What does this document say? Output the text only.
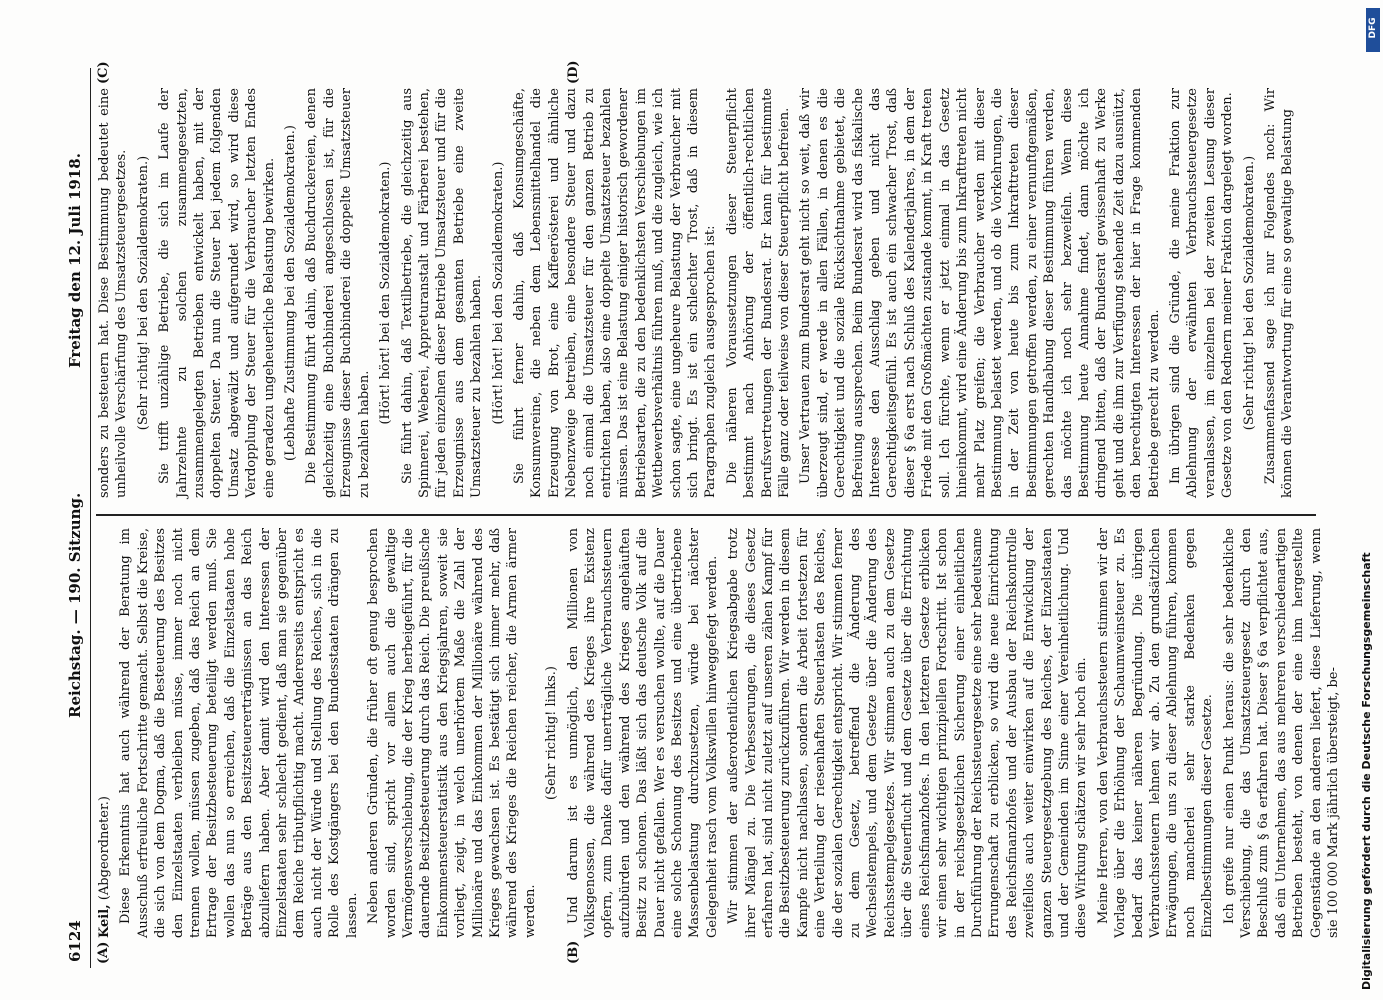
6124
Reichstag. — 190. Sitzung.
Freitag den 12. Juli 1918.
(A)	(B)
(C)	(D)

Keil, (Abgeordneter.) Diese Erkenntnis hat auch während der Beratung im Ausschuß erfreuliche Fortschritte gemacht. Selbst die Kreise, die sich von dem Dogma, daß die Besteuerung des Besitzes den Einzelstaaten verbleiben müsse, immer noch nicht trennen wollen, müssen zugeben, daß das Reich an dem Ertrage der Besitzbesteuerung beteiligt werden muß. Sie wollen das nun so erreichen, daß die Einzelstaaten hohe Beträge aus den Besitzsteuererträgnissen an das Reich abzuliefern haben. Aber damit wird den Interessen der Einzelstaaten sehr schlecht gedient, daß man sie gegenüber dem Reiche tributpflichtig macht. Andererseits entspricht es auch nicht der Würde und Stellung des Reiches, sich in die Rolle des Kostgängers bei den Bundesstaaten drängen zu lassen. Neben anderen Gründen, die früher oft genug besprochen worden sind, spricht vor allem auch die gewaltige Vermögensverschiebung, die der Krieg herbeigeführt, für die dauernde Besitzbesteuerung durch das Reich. Die preußische Einkommensteuerstatistik aus den Kriegsjahren, soweit sie vorliegt, zeigt, in welch unerhörtem Maße die Zahl der Millionäre und das Einkommen der Millionäre während des Krieges gewachsen ist. Es bestätigt sich immer mehr, daß während des Krieges die Reichen reicher, die Armen ärmer werden.

(Sehr richtig! links.) Und darum ist es unmöglich, den Millionen von Volksgenossen, die während des Krieges ihre Existenz opfern, zum Danke dafür unerträgliche Verbrauchssteuern aufzubürden und den während des Krieges angehäuften Besitz zu schonen. Das läßt sich das deutsche Volk auf die Dauer nicht gefallen. Wer es versuchen wollte, auf die Dauer eine solche Schonung des Besitzes und eine übertriebene Massenbelastung durchzusetzen, würde bei nächster Gelegenheit rasch vom Volkswillen hinweggefegt werden. Wir stimmen der außerordentlichen Kriegsabgabe trotz ihrer Mängel zu. Die Verbesserungen, die dieses Gesetz erfahren hat, sind nicht zuletzt auf unseren zähen Kampf für die Besitzbesteuerung zurückzuführen. Wir werden in diesem Kampfe nicht nachlassen, sondern die Arbeit fortsetzen für eine Verteilung der riesenhaften Steuerlasten des Reiches, die der sozialen Gerechtigkeit entspricht. Wir stimmen ferner zu dem Gesetz, betreffend die Änderung des Wechselstempels, und dem Gesetze über die Änderung des Reichsstempelgesetzes. Wir stimmen auch zu dem Gesetze über die Steuerflucht und dem Gesetze über die Errichtung eines Reichsfinanzhofes. In den letzteren Gesetze erblicken wir einen sehr wichtigen prinzipiellen Fortschritt. Ist schon in der reichsgesetzlichen Sicherung einer einheitlichen Durchführung der Reichssteuergesetze eine sehr bedeutsame Errungenschaft zu erblicken, so wird die neue Einrichtung des Reichsfinanzhofes und der Ausbau der Reichskontrolle zweifellos auch weiter einwirken auf die Entwicklung der ganzen Steuergesetzgebung des Reiches, der Einzelstaaten und der Gemeinden im Sinne einer Vereinheitlichung. Und diese Wirkung schätzen wir sehr hoch ein. Meine Herren, von den Verbrauchssteuern stimmen wir der Vorlage über die Erhöhung der Schaumweinsteuer zu. Es bedarf das keiner näheren Begründung. Die übrigen Verbrauchssteuern lehnen wir ab. Zu den grundsätzlichen Erwägungen, die uns zu dieser Ablehnung führen, kommen noch mancherlei sehr starke Bedenken gegen Einzelbestimmungen dieser Gesetze. Ich greife nur einen Punkt heraus: die sehr bedenkliche Verschiebung, die das Umsatzsteuergesetz durch den Beschluß zum § 6a erfahren hat. Dieser § 6a verpflichtet aus, daß ein Unternehmen, das aus mehreren verschiedenartigen Betrieben besteht, von denen der eine ihm hergestellte Gegenstände an den anderen liefert, diese Lieferung, wenn sie 100 000 Mark jährlich übersteigt, be-

sonders zu besteuern hat. Diese Bestimmung bedeutet eine unheilvolle Verschärfung des Umsatzsteuergesetzes. (Sehr richtig! bei den Sozialdemokraten.) Sie trifft unzählige Betriebe, die sich im Laufe der Jahrzehnte zu solchen zusammengesetzten, zusammengelegten Betrieben entwickelt haben, mit der doppelten Steuer. Da nun die Steuer bei jedem folgenden Umsatz abgewälzt und aufgerundet wird, so wird diese Verdopplung der Steuer für die Verbraucher letzten Endes eine geradezu ungeheuerliche Belastung bewirken. (Lebhafte Zustimmung bei den Sozialdemokraten.) Die Bestimmung führt dahin, daß Buchdruckereien, denen gleichzeitig eine Buchbinderei angeschlossen ist, für die Erzeugnisse dieser Buchbinderei die doppelte Umsatzsteuer zu bezahlen haben.

(Hört! hört! bei den Sozialdemokraten.) Sie führt dahin, daß Textilbetriebe, die gleichzeitig aus Spinnerei, Weberei, Appreturanstalt und Färberei bestehen, für jeden einzelnen dieser Betriebe Umsatzsteuer und für die Erzeugnisse aus dem gesamten Betriebe eine zweite Umsatzsteuer zu bezahlen haben. (Hört! hört! bei den Sozialdemokraten.) Sie führt ferner dahin, daß Konsumgeschäfte, Konsumvereine, die neben dem Lebensmittelhandel die Erzeugung von Brot, eine Kaffeerösterei und ähnliche Nebenzweige betreiben, eine besondere Steuer und dazu noch einmal die Umsatzsteuer für den ganzen Betrieb zu entrichten haben, also eine doppelte Umsatzsteuer bezahlen müssen. Das ist eine Belastung einiger historisch gewordener Betriebsarten, die zu den bedenklichsten Verschiebungen im Wettbewerbsverhältnis führen muß, und die zugleich, wie ich schon sagte, eine ungeheure Belastung der Verbraucher mit sich bringt. Es ist ein schlechter Trost, daß in diesem Paragraphen zugleich ausgesprochen ist: Die näheren Voraussetzungen dieser Steuerpflicht bestimmt nach Anhörung der öffentlich-rechtlichen Berufsvertretungen der Bundesrat. Er kann für bestimmte Fälle ganz oder teilweise von dieser Steuerpflicht befreien. Unser Vertrauen zum Bundesrat geht nicht so weit, daß wir überzeugt sind, er werde in allen Fällen, in denen es die Gerechtigkeit und die soziale Rücksichtnahme gebietet, die Befreiung aussprechen. Beim Bundesrat wird das fiskalische Interesse den Ausschlag geben und nicht das Gerechtigkeitsgefühl. Es ist auch ein schwacher Trost, daß dieser § 6a erst nach Schluß des Kalenderjahres, in dem der Friede mit den Großmächten zustande kommt, in Kraft treten soll. Ich fürchte, wenn er jetzt einmal in das Gesetz hineinkommt, wird eine Änderung bis zum Inkrafttreten nicht mehr Platz greifen; die Verbraucher werden mit dieser Bestimmung belastet werden, und ob die Vorkehrungen, die in der Zeit von heute bis zum Inkrafttreten dieser Bestimmungen getroffen werden, zu einer vernunftgemäßen, gerechten Handhabung dieser Bestimmung führen werden, das möchte ich noch sehr bezweifeln. Wenn diese Bestimmung heute Annahme findet, dann möchte ich dringend bitten, daß der Bundesrat gewissenhaft zu Werke geht und die ihm zur Verfügung stehende Zeit dazu ausnützt, den berechtigten Interessen der hier in Frage kommenden Betriebe gerecht zu werden. Im übrigen sind die Gründe, die meine Fraktion zur Ablehnung der erwähnten Verbrauchssteuergesetze veranlassen, im einzelnen bei der zweiten Lesung dieser Gesetze von den Rednern meiner Fraktion dargelegt worden. (Sehr richtig! bei den Sozialdemokraten.) Zusammenfassend sage ich nur Folgendes noch: Wir können die Verantwortung für eine so gewaltige Belastung

DFG
Digitalisierung gefördert durch die Deutsche Forschungsgemeinschaft
